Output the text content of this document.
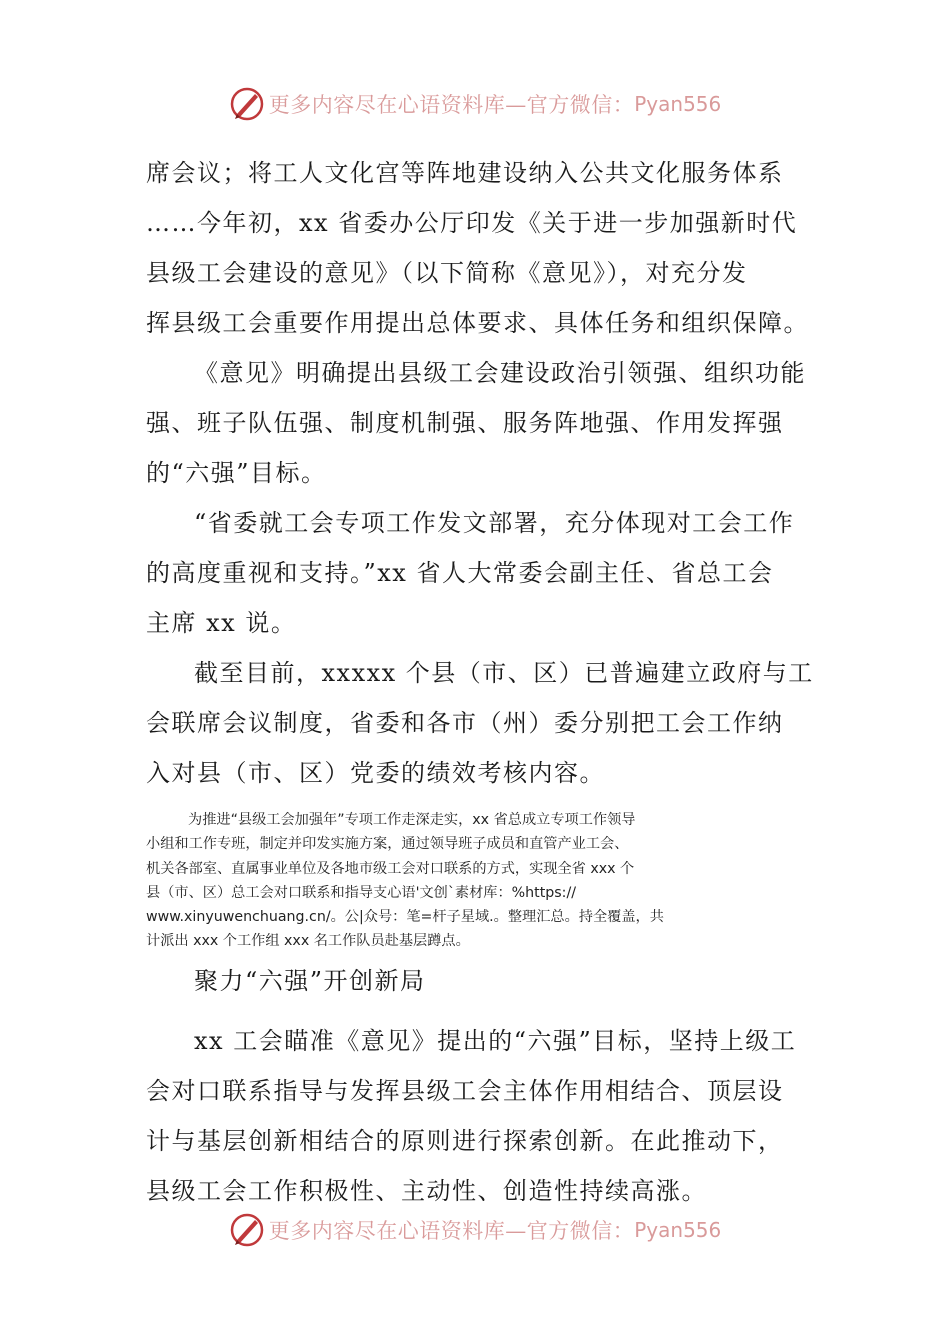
更多内容尽在心语资料库—官方微信： Pyan556
席会议；将工人文化宫等阵地建设纳入公共文化服务体系
……今年初，xx 省委办公厅印发《关于进一步加强新时代
县级工会建设的意见》（以下简称《意见》），对充分发
挥县级工会重要作用提出总体要求、具体任务和组织保障。
《意见》明确提出县级工会建设政治引领强、组织功能
强、班子队伍强、制度机制强、服务阵地强、作用发挥强
的“六强”目标。
“省委就工会专项工作发文部署，充分体现对工会工作
的高度重视和支持。”xx 省人大常委会副主任、省总工会
主席 xx 说。
截至目前，xxxxx 个县（市、区）已普遍建立政府与工
会联席会议制度，省委和各市（州）委分别把工会工作纳
入对县（市、区）党委的绩效考核内容。
为推进“县级工会加强年”专项工作走深走实，xx 省总成立专项工作领导
小组和工作专班，制定并印发实施方案，通过领导班子成员和直管产业工会、
机关各部室、直属事业单位及各地市级工会对口联系的方式，实现全省 xxx 个
县（市、区）总工会对口联系和指导支心语'文创`素材库：%https://
www.xinyuwenchuang.cn/。公|众号：笔=杆子星域.。整理汇总。持全覆盖，共
计派出 xxx 个工作组 xxx 名工作队员赴基层蹲点。
聚力“六强”开创新局
xx 工会瞄准《意见》提出的“六强”目标，坚持上级工
会对口联系指导与发挥县级工会主体作用相结合、顶层设
计与基层创新相结合的原则进行探索创新。在此推动下，
县级工会工作积极性、主动性、创造性持续高涨。
更多内容尽在心语资料库—官方微信： Pyan556
